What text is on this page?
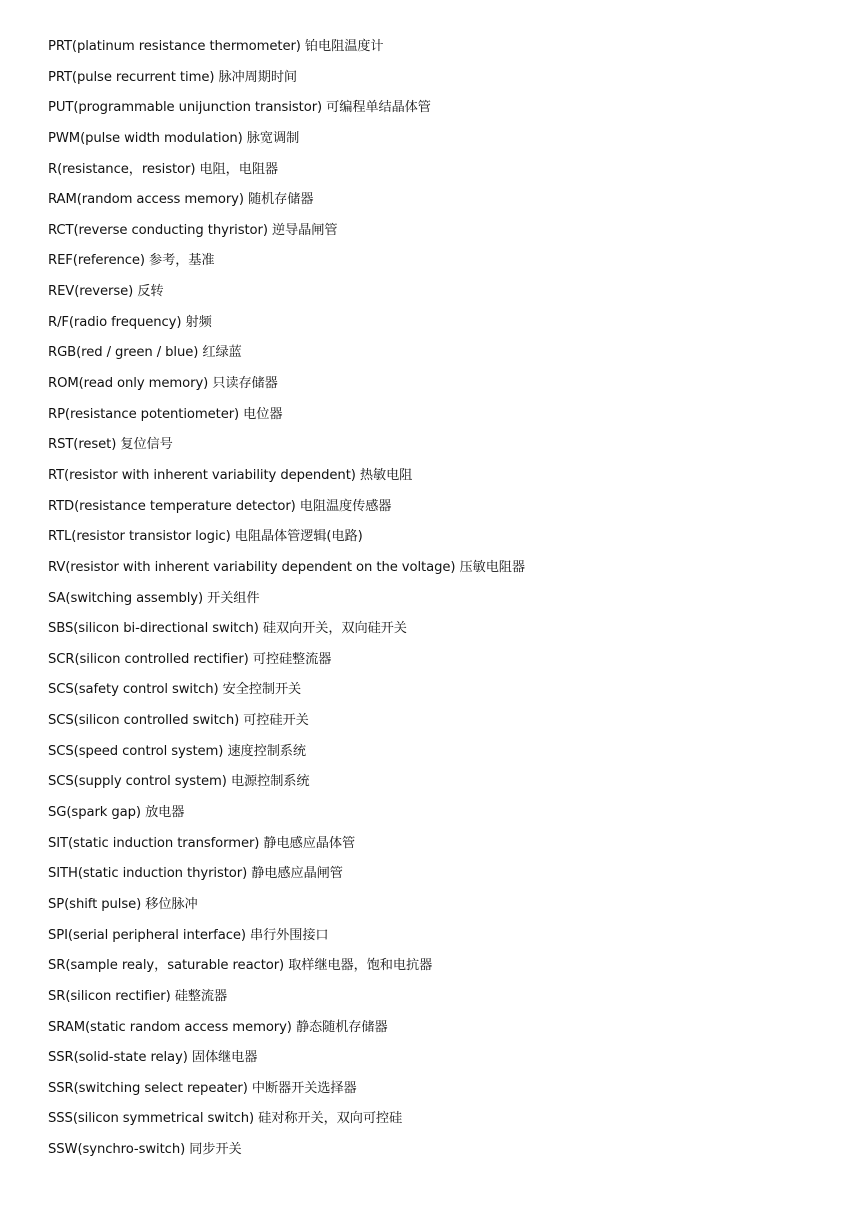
PRT(platinum resistance thermometer) 铂电阻温度计
PRT(pulse recurrent time) 脉冲周期时间
PUT(programmable unijunction transistor) 可编程单结晶体管
PWM(pulse width modulation) 脉宽调制
R(resistance，resistor) 电阻，电阻器
RAM(random access memory) 随机存储器
RCT(reverse conducting thyristor) 逆导晶闸管
REF(reference) 参考，基准
REV(reverse) 反转
R/F(radio frequency) 射频
RGB(red / green / blue) 红绿蓝
ROM(read only memory) 只读存储器
RP(resistance potentiometer) 电位器
RST(reset) 复位信号
RT(resistor with inherent variability dependent) 热敏电阻
RTD(resistance temperature detector) 电阻温度传感器
RTL(resistor transistor logic) 电阻晶体管逻辑(电路)
RV(resistor with inherent variability dependent on the voltage) 压敏电阻器
SA(switching assembly) 开关组件
SBS(silicon bi-directional switch) 硅双向开关，双向硅开关
SCR(silicon controlled rectifier) 可控硅整流器
SCS(safety control switch) 安全控制开关
SCS(silicon controlled switch) 可控硅开关
SCS(speed control system) 速度控制系统
SCS(supply control system) 电源控制系统
SG(spark gap) 放电器
SIT(static induction transformer) 静电感应晶体管
SITH(static induction thyristor) 静电感应晶闸管
SP(shift pulse) 移位脉冲
SPI(serial peripheral interface) 串行外围接口
SR(sample realy，saturable reactor) 取样继电器，饱和电抗器
SR(silicon rectifier) 硅整流器
SRAM(static random access memory) 静态随机存储器
SSR(solid-state relay) 固体继电器
SSR(switching select repeater) 中断器开关选择器
SSS(silicon symmetrical switch) 硅对称开关，双向可控硅
SSW(synchro-switch) 同步开关
